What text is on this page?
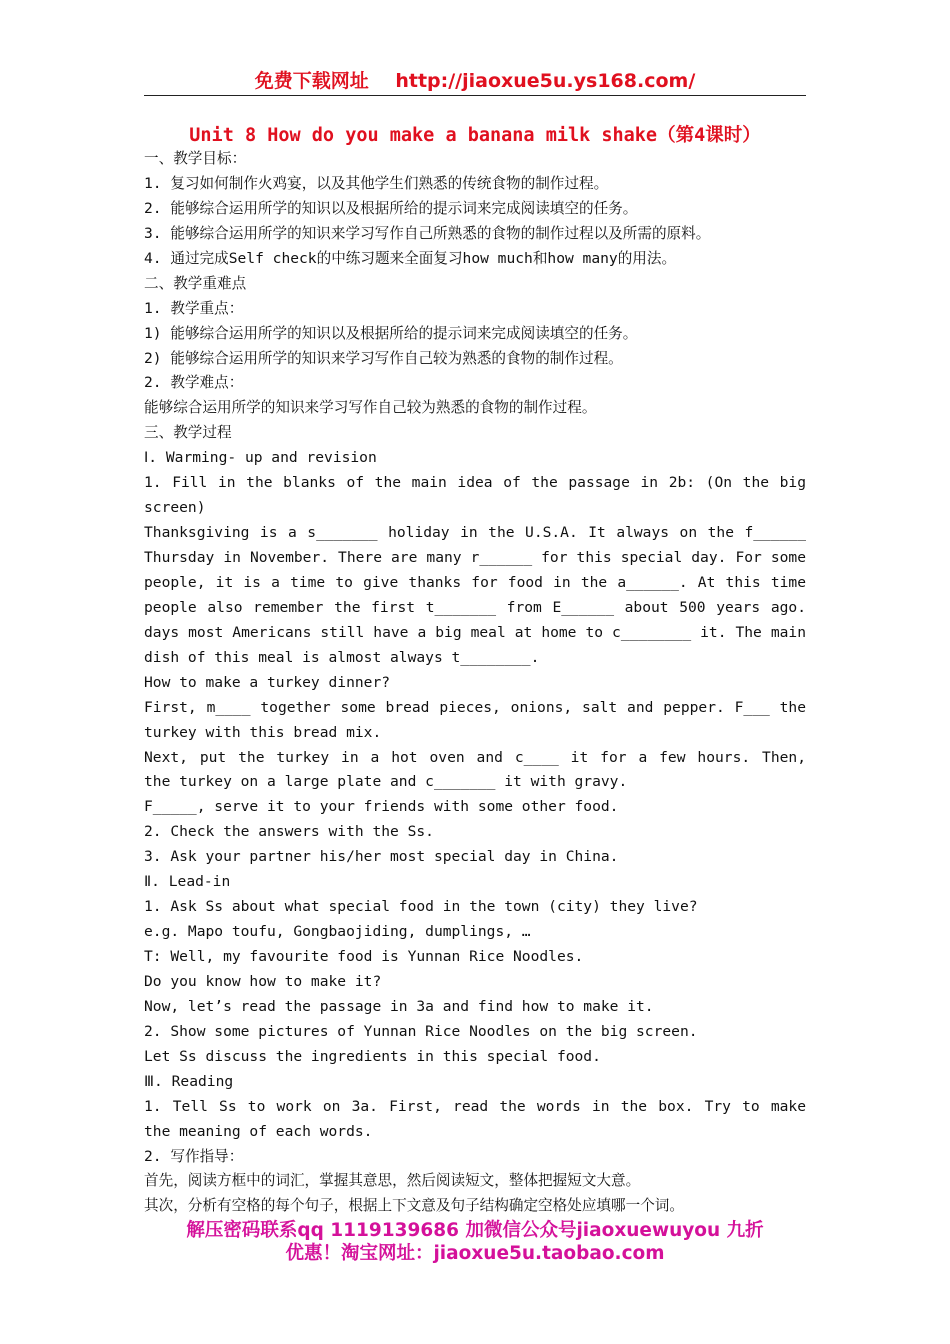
免费下载网址 http://jiaoxue5u.ys168.com/
Unit 8 How do you make a banana milk shake（第4课时）
一、教学目标：
1. 复习如何制作火鸡宴，以及其他学生们熟悉的传统食物的制作过程。
2. 能够综合运用所学的知识以及根据所给的提示词来完成阅读填空的任务。
3. 能够综合运用所学的知识来学习写作自己所熟悉的食物的制作过程以及所需的原料。
4. 通过完成Self check的中练习题来全面复习how much和how many的用法。
二、教学重难点
1. 教学重点：
1) 能够综合运用所学的知识以及根据所给的提示词来完成阅读填空的任务。
2) 能够综合运用所学的知识来学习写作自己较为熟悉的食物的制作过程。
2. 教学难点：
能够综合运用所学的知识来学习写作自己较为熟悉的食物的制作过程。
三、教学过程
Ⅰ. Warming- up and revision
1. Fill in the blanks of the main idea of the passage in 2b: (On the big
screen)
Thanksgiving is a s_______ holiday in the U.S.A. It always on the f______
Thursday in November. There are many r______ for this special day. For some
people, it is a time to give thanks for food in the a______. At this time
people also remember the first t_______ from E______ about 500 years ago.
days most Americans still have a big meal at home to c________ it. The main
dish of this meal is almost always t________.
How to make a turkey dinner?
First, m____ together some bread pieces, onions, salt and pepper. F___ the
turkey with this bread mix.
Next, put the turkey in a hot oven and c____ it for a few hours. Then,
the turkey on a large plate and c_______ it with gravy.
F_____, serve it to your friends with some other food.
2. Check the answers with the Ss.
3. Ask your partner his/her most special day in China.
Ⅱ. Lead-in
1. Ask Ss about what special food in the town (city) they live?
e.g. Mapo toufu, Gongbaojiding, dumplings, …
T: Well, my favourite food is Yunnan Rice Noodles.
Do you know how to make it?
Now, let’s read the passage in 3a and find how to make it.
2. Show some pictures of Yunnan Rice Noodles on the big screen.
Let Ss discuss the ingredients in this special food.
Ⅲ. Reading
1. Tell Ss to work on 3a. First, read the words in the box. Try to make
the meaning of each words.
2. 写作指导：
首先，阅读方框中的词汇，掌握其意思，然后阅读短文，整体把握短文大意。
其次，分析有空格的每个句子，根据上下文意及句子结构确定空格处应填哪一个词。
解压密码联系qq 1119139686 加微信公众号jiaoxuewuyou 九折
优惠！淘宝网址：jiaoxue5u.taobao.com
